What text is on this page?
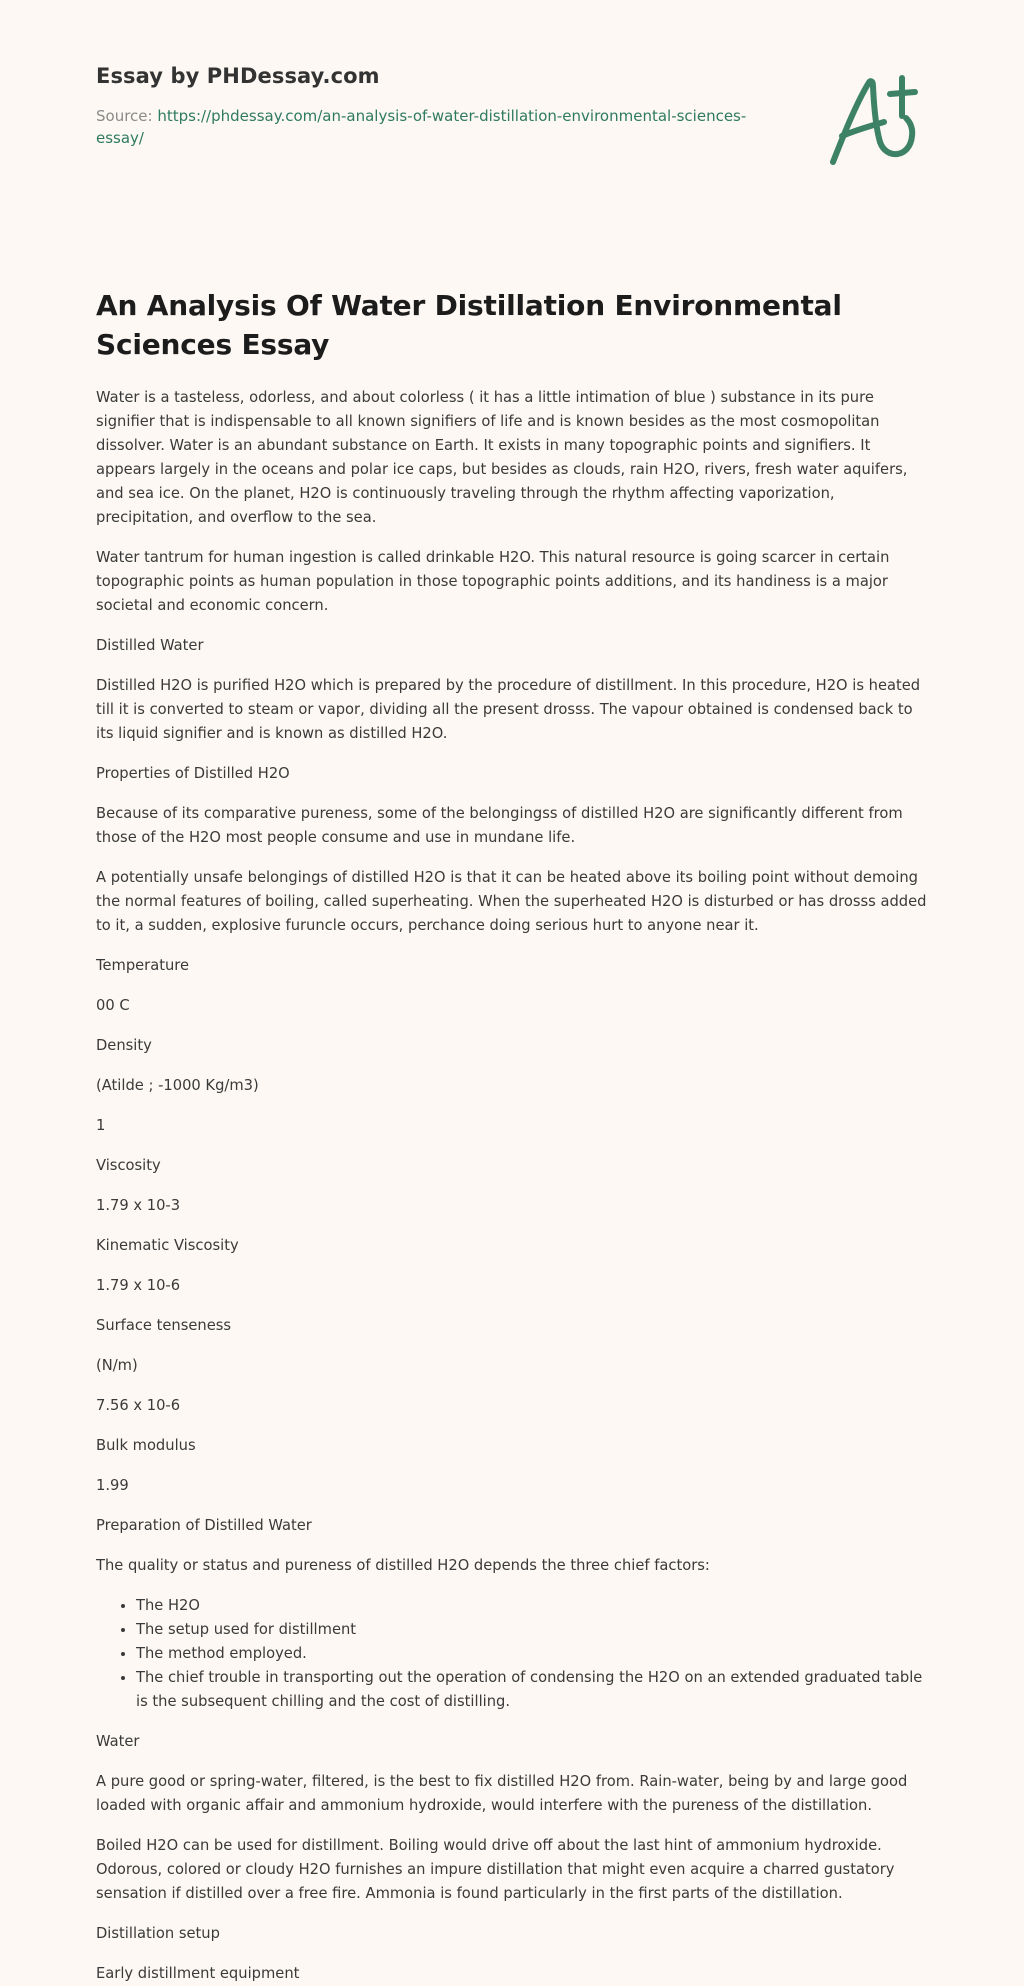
Essay by PHDessay.com
Source: https://phdessay.com/an-analysis-of-water-distillation-environmental-sciences-essay/
An Analysis Of Water Distillation Environmental Sciences Essay

Water is a tasteless, odorless, and about colorless ( it has a little intimation of blue ) substance in its pure signifier that is indispensable to all known signifiers of life and is known besides as the most cosmopolitan dissolver. Water is an abundant substance on Earth. It exists in many topographic points and signifiers. It appears largely in the oceans and polar ice caps, but besides as clouds, rain H2O, rivers, fresh water aquifers, and sea ice. On the planet, H2O is continuously traveling through the rhythm affecting vaporization, precipitation, and overflow to the sea.

Water tantrum for human ingestion is called drinkable H2O. This natural resource is going scarcer in certain topographic points as human population in those topographic points additions, and its handiness is a major societal and economic concern.

Distilled Water

Distilled H2O is purified H2O which is prepared by the procedure of distillment. In this procedure, H2O is heated till it is converted to steam or vapor, dividing all the present drosss. The vapour obtained is condensed back to its liquid signifier and is known as distilled H2O.

Properties of Distilled H2O

Because of its comparative pureness, some of the belongingss of distilled H2O are significantly different from those of the H2O most people consume and use in mundane life.

A potentially unsafe belongings of distilled H2O is that it can be heated above its boiling point without demoing the normal features of boiling, called superheating. When the superheated H2O is disturbed or has drosss added to it, a sudden, explosive furuncle occurs, perchance doing serious hurt to anyone near it.

Temperature

00 C

Density

(Atilde ; -1000 Kg/m3)

1

Viscosity

1.79 x 10-3

Kinematic Viscosity

1.79 x 10-6

Surface tenseness

(N/m)

7.56 x 10-6

Bulk modulus

1.99

Preparation of Distilled Water

The quality or status and pureness of distilled H2O depends the three chief factors:

• The H2O
• The setup used for distillment
• The method employed.
• The chief trouble in transporting out the operation of condensing the H2O on an extended graduated table is the subsequent chilling and the cost of distilling.

Water

A pure good or spring-water, filtered, is the best to fix distilled H2O from. Rain-water, being by and large good loaded with organic affair and ammonium hydroxide, would interfere with the pureness of the distillation.

Boiled H2O can be used for distillment. Boiling would drive off about the last hint of ammonium hydroxide. Odorous, colored or cloudy H2O furnishes an impure distillation that might even acquire a charred gustatory sensation if distilled over a free fire. Ammonia is found particularly in the first parts of the distillation.

Distillation setup

Early distillment equipment
